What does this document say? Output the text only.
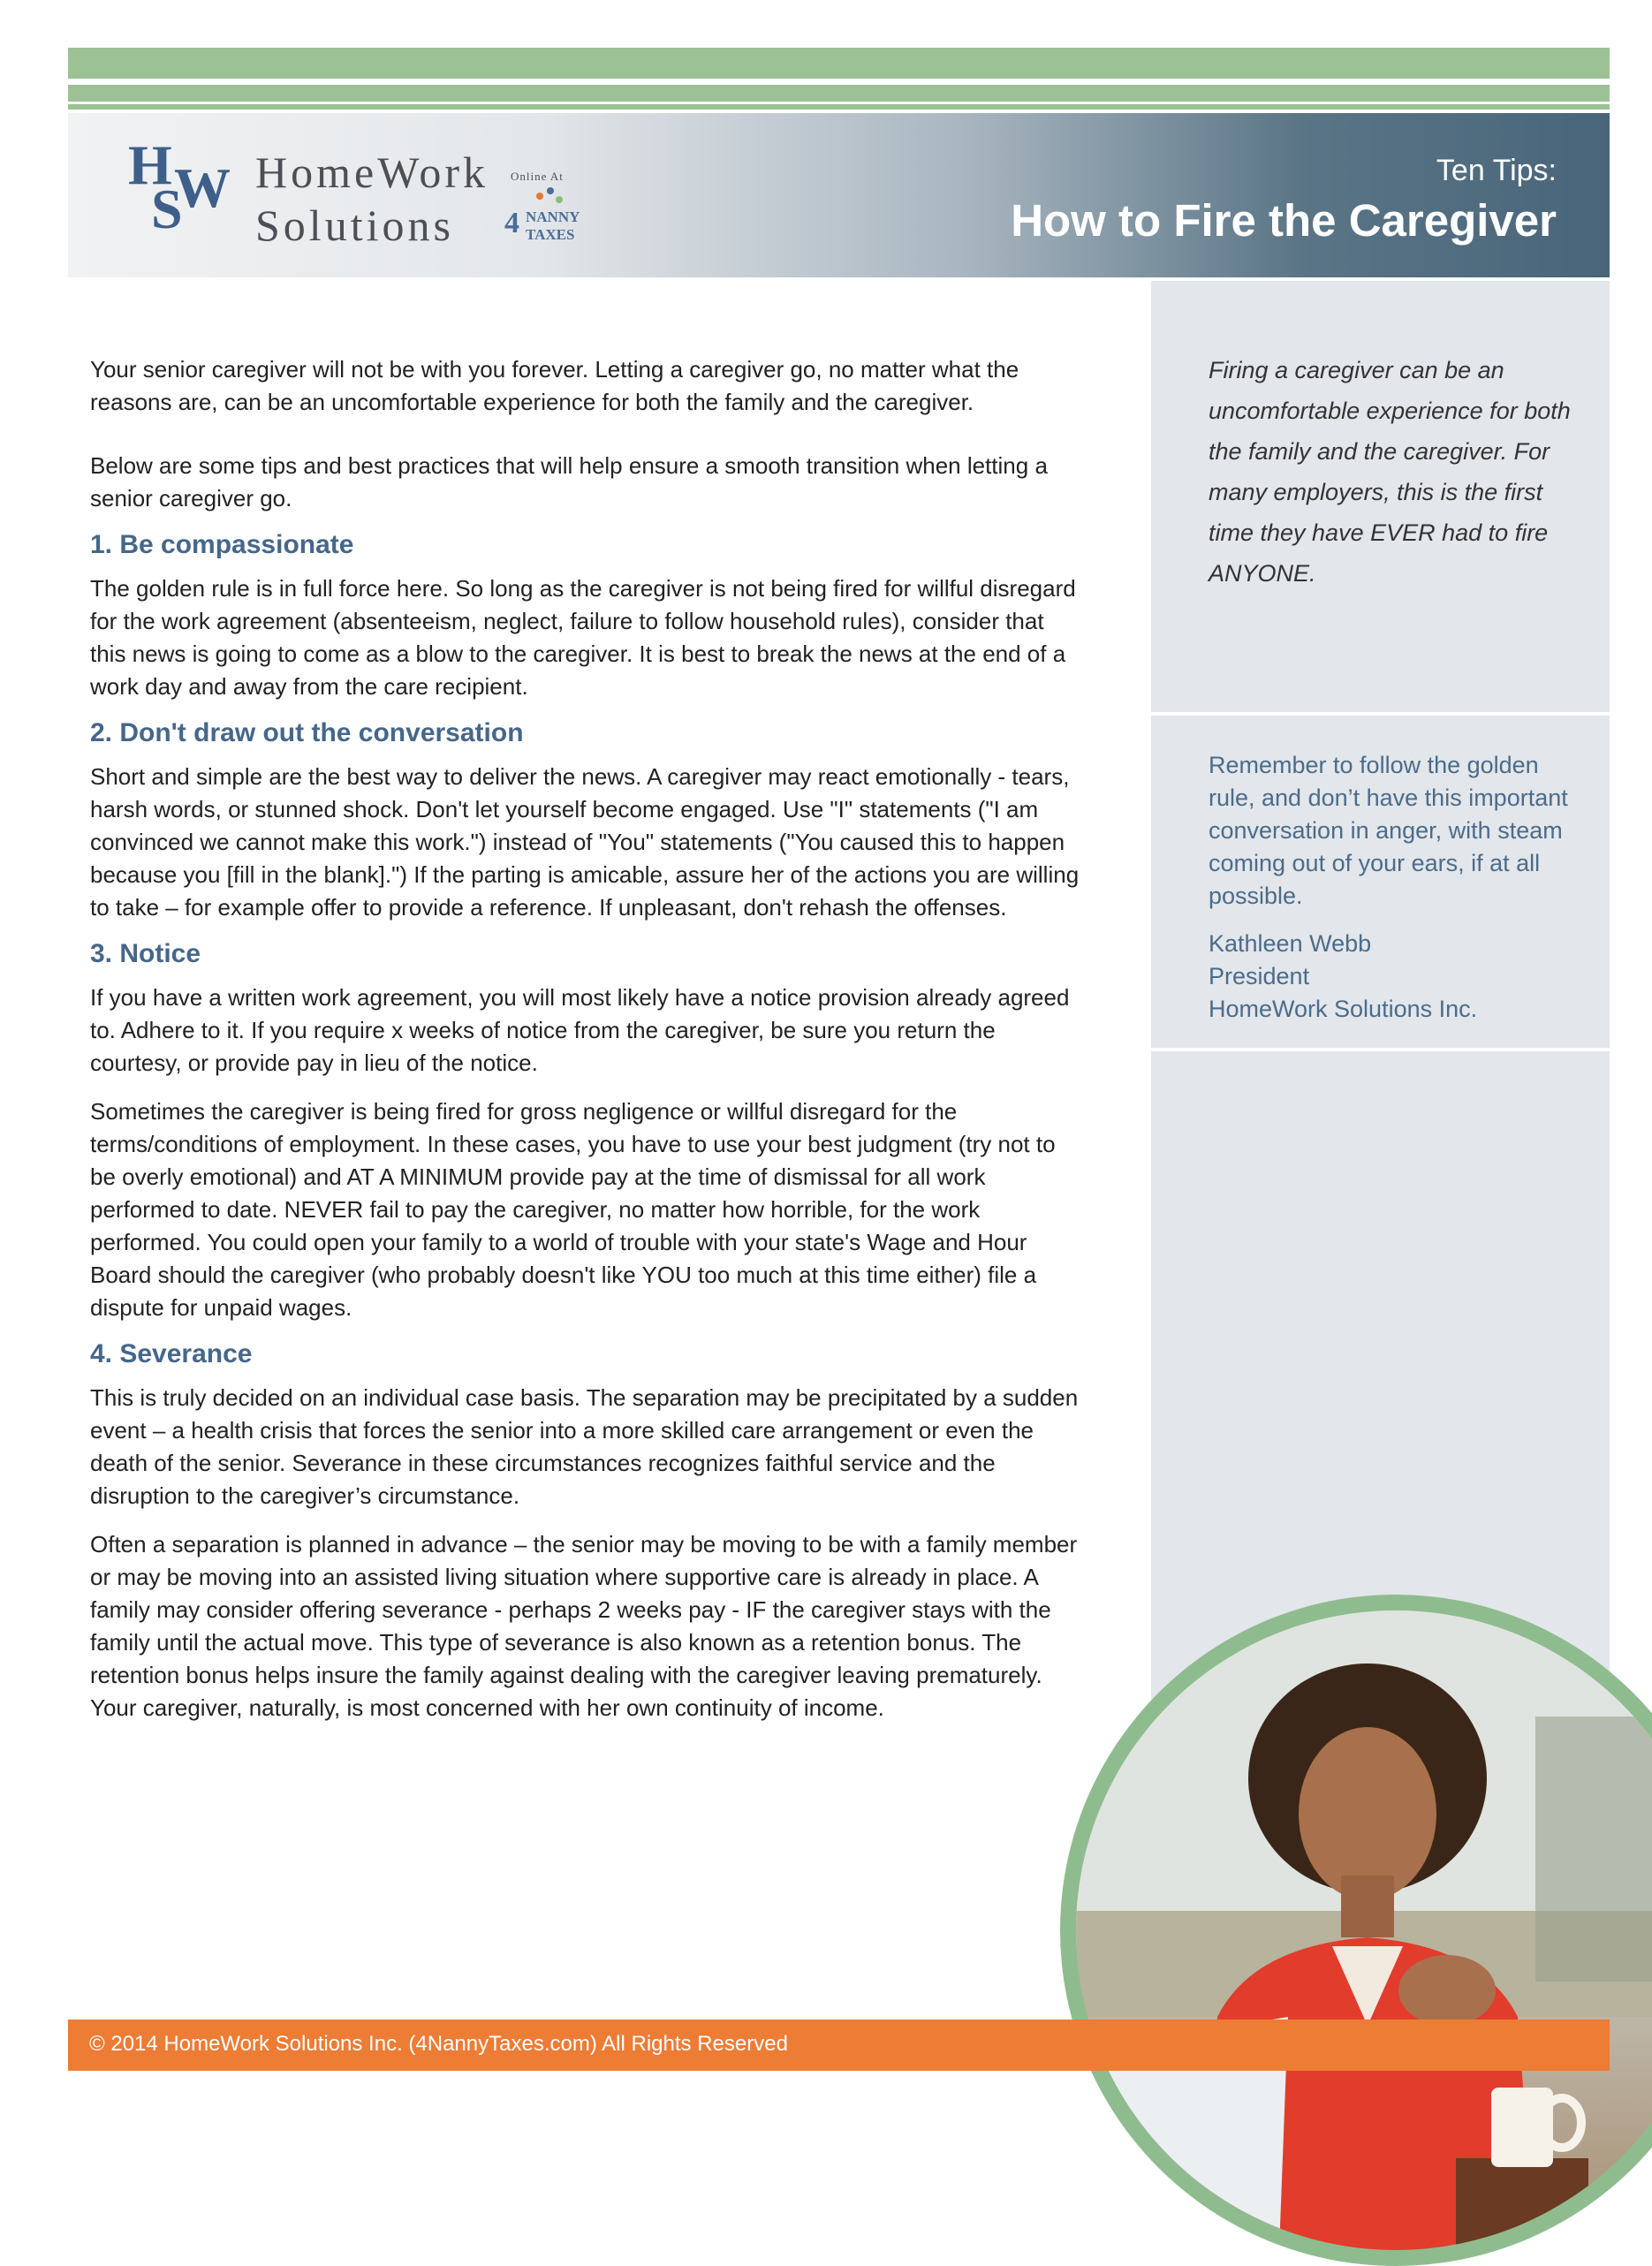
H
S
W HomeWork
Solutions
Online At
4 NANNY
TAXES
Ten Tips:
How to Fire the Caregiver
Firing a caregiver can be an uncomfortable experience for both the family and the caregiver. For many employers, this is the first time they have EVER had to fire ANYONE.
Remember to follow the golden rule, and don’t have this important conversation in anger, with steam coming out of your ears, if at all possible.
Kathleen Webb
President
HomeWork Solutions Inc.

Your senior caregiver will not be with you forever. Letting a caregiver go, no matter what the reasons are, can be an uncomfortable experience for both the family and the caregiver.

Below are some tips and best practices that will help ensure a smooth transition when letting a senior caregiver go.

1. Be compassionate

The golden rule is in full force here. So long as the caregiver is not being fired for willful disregard for the work agreement (absenteeism, neglect, failure to follow household rules), consider that this news is going to come as a blow to the caregiver. It is best to break the news at the end of a work day and away from the care recipient.

2. Don't draw out the conversation

Short and simple are the best way to deliver the news. A caregiver may react emotionally - tears, harsh words, or stunned shock. Don't let yourself become engaged. Use "I" statements ("I am convinced we cannot make this work.") instead of "You" statements ("You caused this to happen because you [fill in the blank].") If the parting is amicable, assure her of the actions you are willing to take – for example offer to provide a reference. If unpleasant, don't rehash the offenses.

3. Notice

If you have a written work agreement, you will most likely have a notice provision already agreed to. Adhere to it. If you require x weeks of notice from the caregiver, be sure you return the courtesy, or provide pay in lieu of the notice.

Sometimes the caregiver is being fired for gross negligence or willful disregard for the terms/conditions of employment. In these cases, you have to use your best judgment (try not to be overly emotional) and AT A MINIMUM provide pay at the time of dismissal for all work performed to date. NEVER fail to pay the caregiver, no matter how horrible, for the work performed. You could open your family to a world of trouble with your state's Wage and Hour Board should the caregiver (who probably doesn't like YOU too much at this time either) file a dispute for unpaid wages.

4. Severance

This is truly decided on an individual case basis. The separation may be precipitated by a sudden event – a health crisis that forces the senior into a more skilled care arrangement or even the death of the senior. Severance in these circumstances recognizes faithful service and the disruption to the caregiver’s circumstance.

Often a separation is planned in advance – the senior may be moving to be with a family member or may be moving into an assisted living situation where supportive care is already in place. A family may consider offering severance - perhaps 2 weeks pay - IF the caregiver stays with the family until the actual move. This type of severance is also known as a retention bonus. The retention bonus helps insure the family against dealing with the caregiver leaving prematurely. Your caregiver, naturally, is most concerned with her own continuity of income.

© 2014 HomeWork Solutions Inc. (4NannyTaxes.com) All Rights Reserved
